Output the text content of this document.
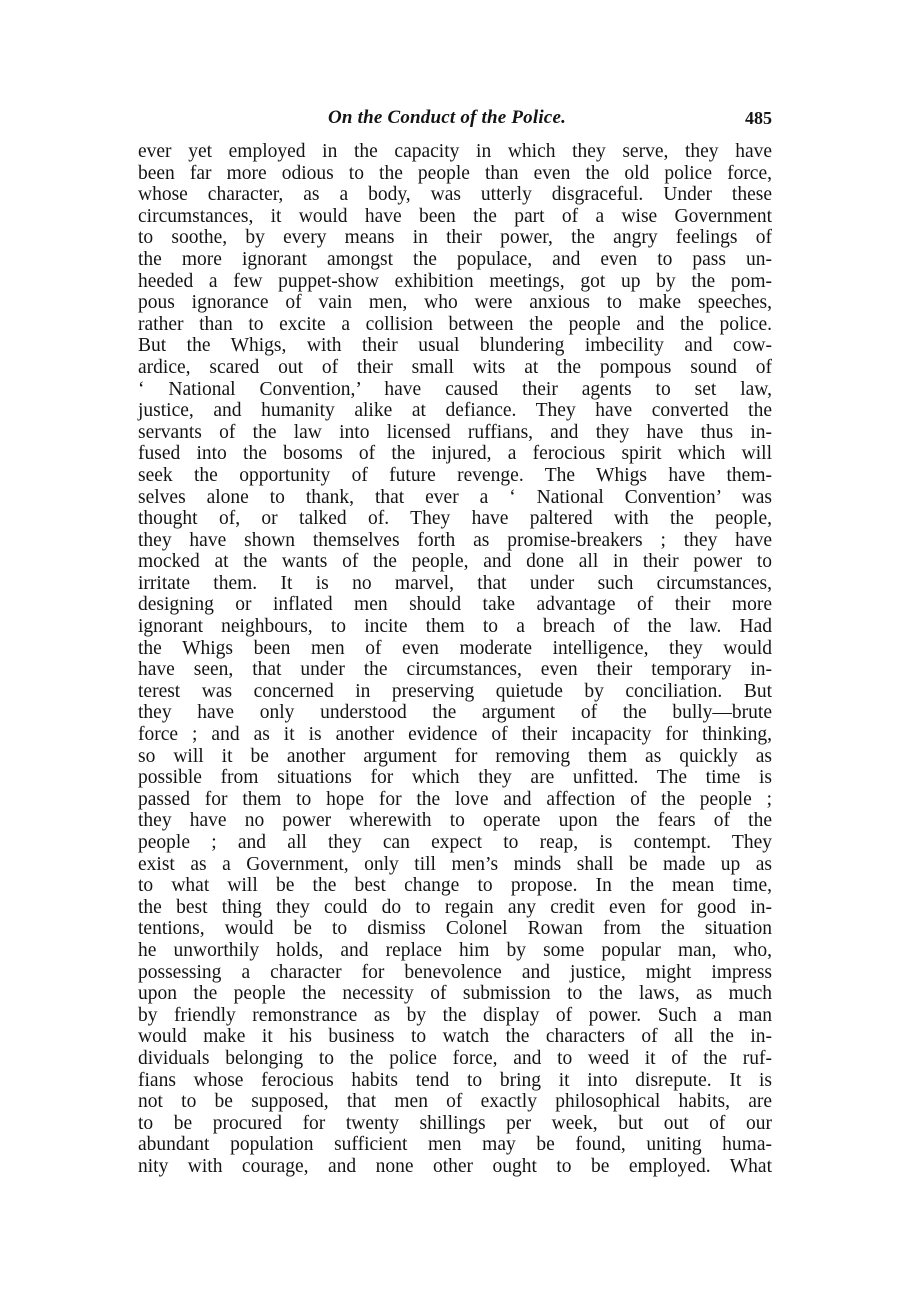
On the Conduct of the Police.	485
ever yet employed in the capacity in which they serve, they have
been far more odious to the people than even the old police force,
whose character, as a body, was utterly disgraceful. Under these
circumstances, it would have been the part of a wise Government
to soothe, by every means in their power, the angry feelings of
the more ignorant amongst the populace, and even to pass un-
heeded a few puppet-show exhibition meetings, got up by the pom-
pous ignorance of vain men, who were anxious to make speeches,
rather than to excite a collision between the people and the police.
But the Whigs, with their usual blundering imbecility and cow-
ardice, scared out of their small wits at the pompous sound of
‘ National Convention,’ have caused their agents to set law,
justice, and humanity alike at defiance. They have converted the
servants of the law into licensed ruffians, and they have thus in-
fused into the bosoms of the injured, a ferocious spirit which will
seek the opportunity of future revenge. The Whigs have them-
selves alone to thank, that ever a ‘ National Convention’ was
thought of, or talked of. They have paltered with the people,
they have shown themselves forth as promise-breakers ; they have
mocked at the wants of the people, and done all in their power to
irritate them. It is no marvel, that under such circumstances,
designing or inflated men should take advantage of their more
ignorant neighbours, to incite them to a breach of the law. Had
the Whigs been men of even moderate intelligence, they would
have seen, that under the circumstances, even their temporary in-
terest was concerned in preserving quietude by conciliation. But
they have only understood the argument of the bully—brute
force ; and as it is another evidence of their incapacity for thinking,
so will it be another argument for removing them as quickly as
possible from situations for which they are unfitted. The time is
passed for them to hope for the love and affection of the people ;
they have no power wherewith to operate upon the fears of the
people ; and all they can expect to reap, is contempt. They
exist as a Government, only till men’s minds shall be made up as
to what will be the best change to propose. In the mean time,
the best thing they could do to regain any credit even for good in-
tentions, would be to dismiss Colonel Rowan from the situation
he unworthily holds, and replace him by some popular man, who,
possessing a character for benevolence and justice, might impress
upon the people the necessity of submission to the laws, as much
by friendly remonstrance as by the display of power. Such a man
would make it his business to watch the characters of all the in-
dividuals belonging to the police force, and to weed it of the ruf-
fians whose ferocious habits tend to bring it into disrepute. It is
not to be supposed, that men of exactly philosophical habits, are
to be procured for twenty shillings per week, but out of our
abundant population sufficient men may be found, uniting huma-
nity with courage, and none other ought to be employed. What
